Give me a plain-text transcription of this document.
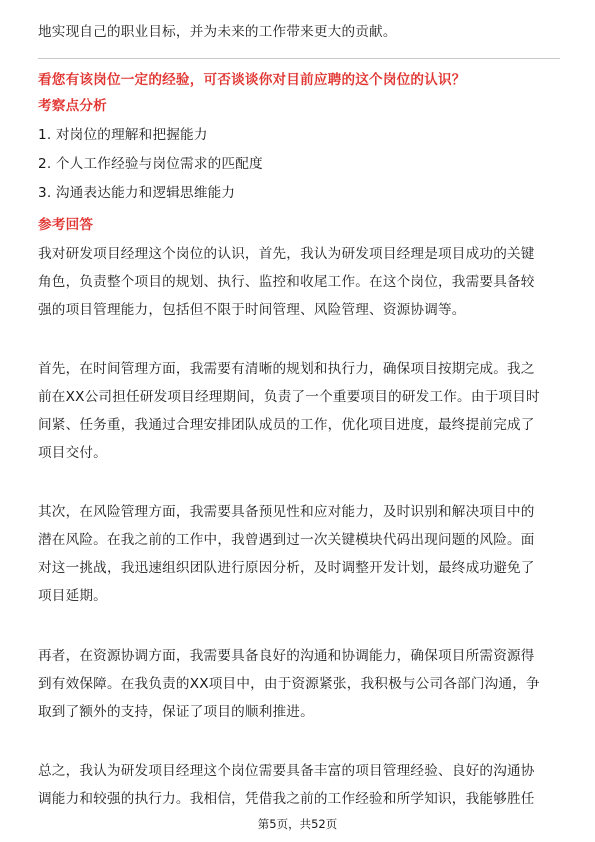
地实现自己的职业目标，并为未来的工作带来更大的贡献。
看您有该岗位一定的经验，可否谈谈你对目前应聘的这个岗位的认识？
考察点分析
1. 对岗位的理解和把握能力
2. 个人工作经验与岗位需求的匹配度
3. 沟通表达能力和逻辑思维能力
参考回答
我对研发项目经理这个岗位的认识，首先，我认为研发项目经理是项目成功的关键
角色，负责整个项目的规划、执行、监控和收尾工作。在这个岗位，我需要具备较
强的项目管理能力，包括但不限于时间管理、风险管理、资源协调等。
首先，在时间管理方面，我需要有清晰的规划和执行力，确保项目按期完成。我之
前在XX公司担任研发项目经理期间，负责了一个重要项目的研发工作。由于项目时
间紧、任务重，我通过合理安排团队成员的工作，优化项目进度，最终提前完成了
项目交付。
其次，在风险管理方面，我需要具备预见性和应对能力，及时识别和解决项目中的
潜在风险。在我之前的工作中，我曾遇到过一次关键模块代码出现问题的风险。面
对这一挑战，我迅速组织团队进行原因分析，及时调整开发计划，最终成功避免了
项目延期。
再者，在资源协调方面，我需要具备良好的沟通和协调能力，确保项目所需资源得
到有效保障。在我负责的XX项目中，由于资源紧张，我积极与公司各部门沟通，争
取到了额外的支持，保证了项目的顺利推进。
总之，我认为研发项目经理这个岗位需要具备丰富的项目管理经验、良好的沟通协
调能力和较强的执行力。我相信，凭借我之前的工作经验和所学知识，我能够胜任
第5页，共52页
